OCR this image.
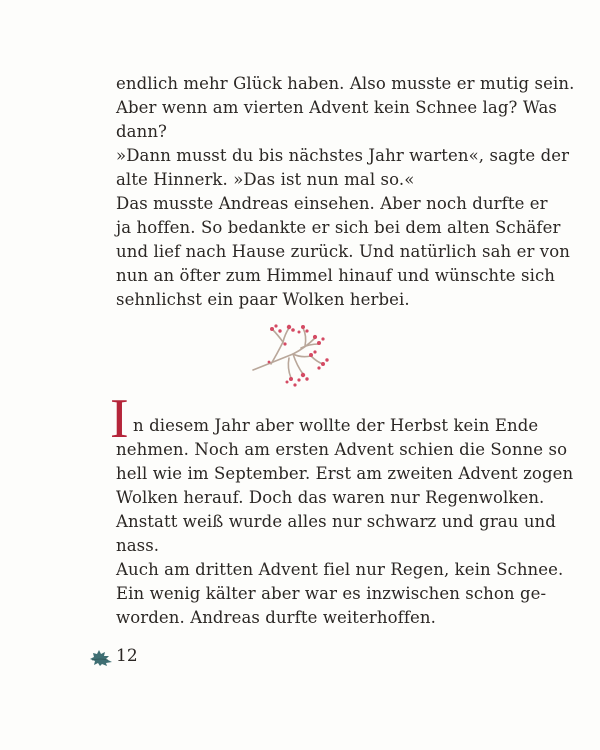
endlich mehr Glück haben. Also musste er mutig sein.
Aber wenn am vierten Advent kein Schnee lag? Was
dann?
»Dann musst du bis nächstes Jahr warten«, sagte der
alte Hinnerk. »Das ist nun mal so.«
Das musste Andreas einsehen. Aber noch durfte er
ja hoffen. So bedankte er sich bei dem alten Schäfer
und lief nach Hause zurück. Und natürlich sah er von
nun an öfter zum Himmel hinauf und wünschte sich
sehnlichst ein paar Wolken herbei.
I n diesem Jahr aber wollte der Herbst kein Ende
nehmen. Noch am ersten Advent schien die Sonne so
hell wie im September. Erst am zweiten Advent zogen
Wolken herauf. Doch das waren nur Regenwolken.
Anstatt weiß wurde alles nur schwarz und grau und
nass.
Auch am dritten Advent fiel nur Regen, kein Schnee.
Ein wenig kälter aber war es inzwischen schon ge-
worden. Andreas durfte weiterhoffen.
12
